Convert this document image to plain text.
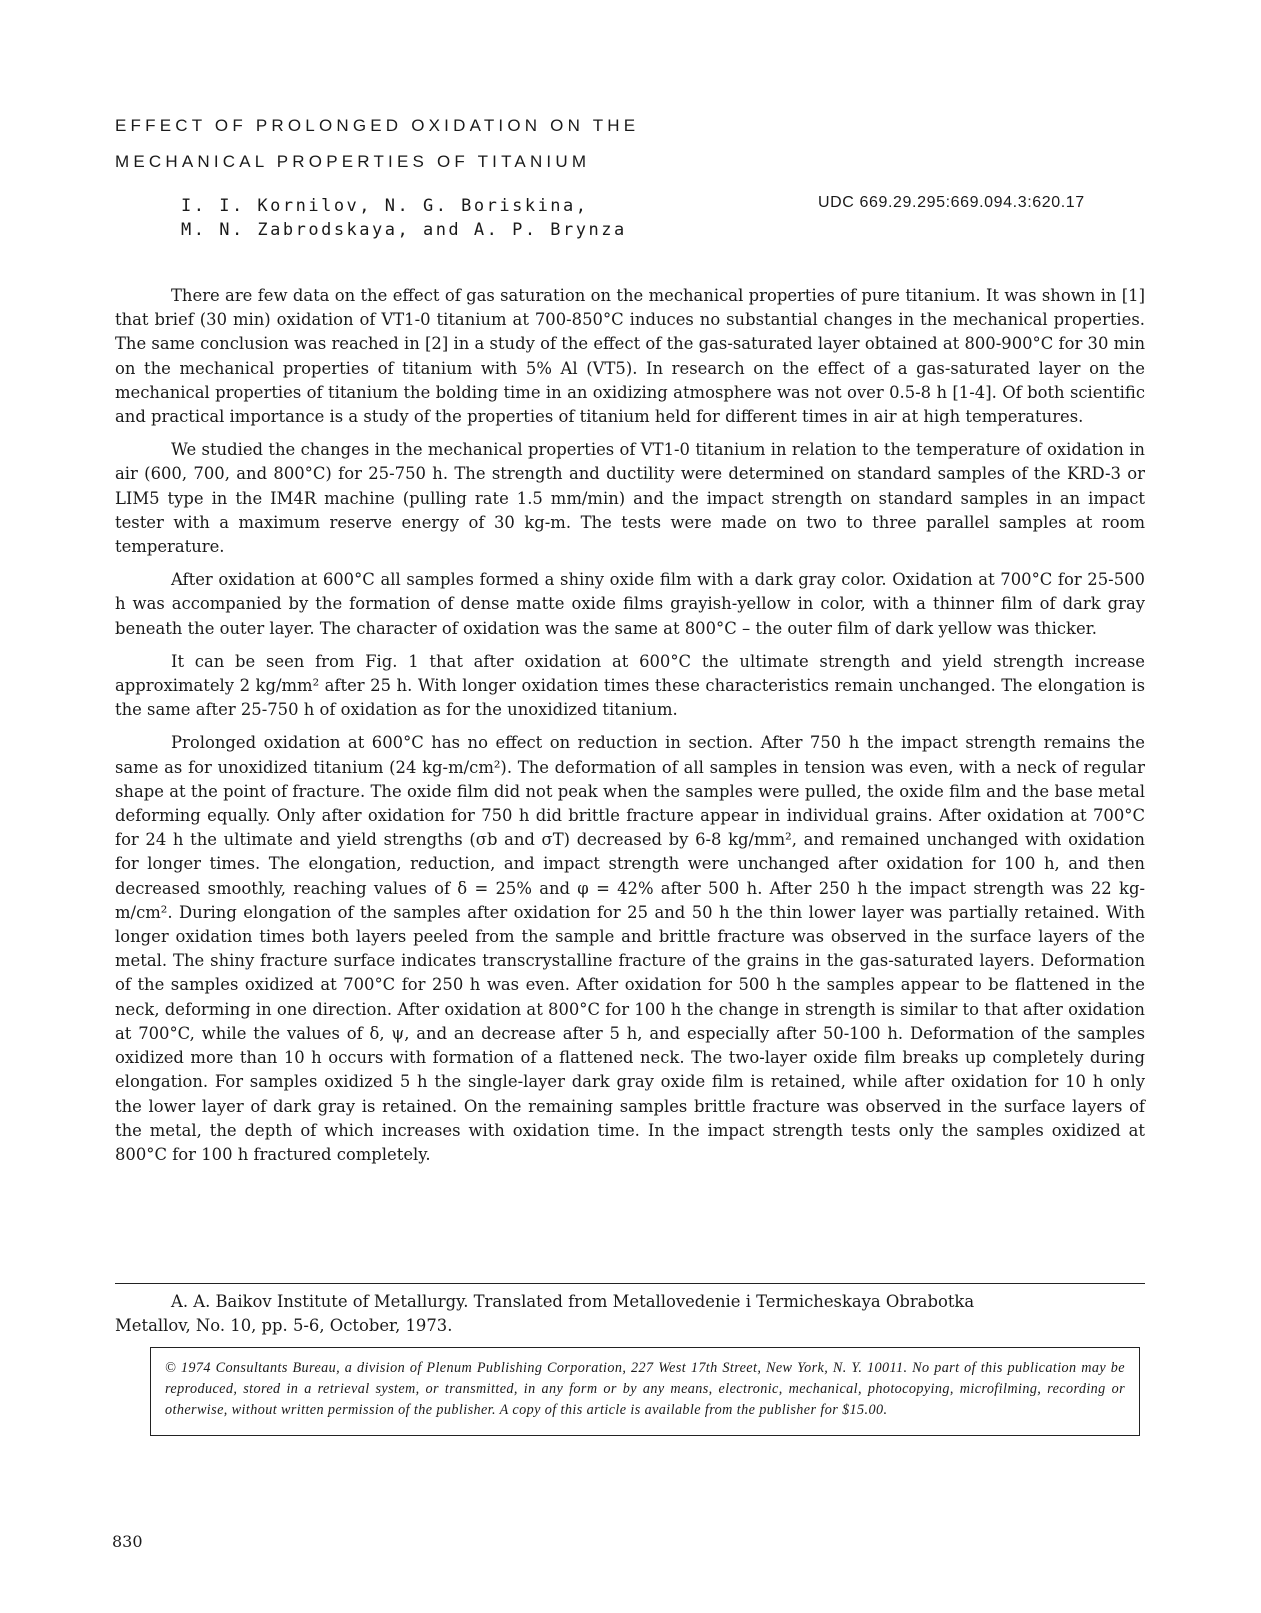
EFFECT OF PROLONGED OXIDATION ON THE
MECHANICAL PROPERTIES OF TITANIUM
I. I. Kornilov, N. G. Boriskina,
M. N. Zabrodskaya, and A. P. Brynza
UDC 669.29.295:669.094.3:620.17

There are few data on the effect of gas saturation on the mechanical properties of pure titanium. It was shown in [1] that brief (30 min) oxidation of VT1-0 titanium at 700-850°C induces no substantial changes in the mechanical properties. The same conclusion was reached in [2] in a study of the effect of the gas-saturated layer obtained at 800-900°C for 30 min on the mechanical properties of titanium with 5% Al (VT5). In research on the effect of a gas-saturated layer on the mechanical properties of titanium the bolding time in an oxidizing atmosphere was not over 0.5-8 h [1-4]. Of both scientific and practical importance is a study of the properties of titanium held for different times in air at high temperatures.

We studied the changes in the mechanical properties of VT1-0 titanium in relation to the temperature of oxidation in air (600, 700, and 800°C) for 25-750 h. The strength and ductility were determined on standard samples of the KRD-3 or LIM5 type in the IM4R machine (pulling rate 1.5 mm/min) and the impact strength on standard samples in an impact tester with a maximum reserve energy of 30 kg-m. The tests were made on two to three parallel samples at room temperature.

After oxidation at 600°C all samples formed a shiny oxide film with a dark gray color. Oxidation at 700°C for 25-500 h was accompanied by the formation of dense matte oxide films grayish-yellow in color, with a thinner film of dark gray beneath the outer layer. The character of oxidation was the same at 800°C – the outer film of dark yellow was thicker.

It can be seen from Fig. 1 that after oxidation at 600°C the ultimate strength and yield strength increase approximately 2 kg/mm² after 25 h. With longer oxidation times these characteristics remain unchanged. The elongation is the same after 25-750 h of oxidation as for the unoxidized titanium.

Prolonged oxidation at 600°C has no effect on reduction in section. After 750 h the impact strength remains the same as for unoxidized titanium (24 kg-m/cm²). The deformation of all samples in tension was even, with a neck of regular shape at the point of fracture. The oxide film did not peak when the samples were pulled, the oxide film and the base metal deforming equally. Only after oxidation for 750 h did brittle fracture appear in individual grains. After oxidation at 700°C for 24 h the ultimate and yield strengths (σb and σT) decreased by 6-8 kg/mm², and remained unchanged with oxidation for longer times. The elongation, reduction, and impact strength were unchanged after oxidation for 100 h, and then decreased smoothly, reaching values of δ = 25% and φ = 42% after 500 h. After 250 h the impact strength was 22 kg-m/cm². During elongation of the samples after oxidation for 25 and 50 h the thin lower layer was partially retained. With longer oxidation times both layers peeled from the sample and brittle fracture was observed in the surface layers of the metal. The shiny fracture surface indicates transcrystalline fracture of the grains in the gas-saturated layers. Deformation of the samples oxidized at 700°C for 250 h was even. After oxidation for 500 h the samples appear to be flattened in the neck, deforming in one direction. After oxidation at 800°C for 100 h the change in strength is similar to that after oxidation at 700°C, while the values of δ, ψ, and an decrease after 5 h, and especially after 50-100 h. Deformation of the samples oxidized more than 10 h occurs with formation of a flattened neck. The two-layer oxide film breaks up completely during elongation. For samples oxidized 5 h the single-layer dark gray oxide film is retained, while after oxidation for 10 h only the lower layer of dark gray is retained. On the remaining samples brittle fracture was observed in the surface layers of the metal, the depth of which increases with oxidation time. In the impact strength tests only the samples oxidized at 800°C for 100 h fractured completely.

A. A. Baikov Institute of Metallurgy. Translated from Metallovedenie i Termicheskaya Obrabotka
Metallov, No. 10, pp. 5-6, October, 1973.
© 1974 Consultants Bureau, a division of Plenum Publishing Corporation, 227 West 17th Street, New York, N. Y. 10011. No part of this publication may be reproduced, stored in a retrieval system, or transmitted, in any form or by any means, electronic, mechanical, photocopying, microfilming, recording or otherwise, without written permission of the publisher. A copy of this article is available from the publisher for $15.00.
830
